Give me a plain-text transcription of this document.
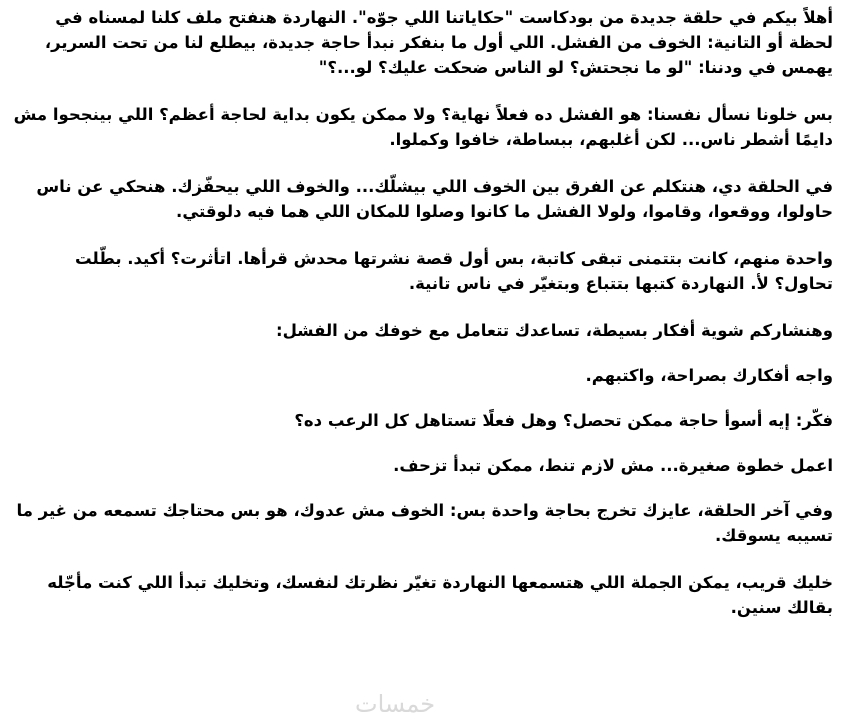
أهلاً بيكم في حلقة جديدة من بودكاست "حكاياتنا اللي جوّه". النهاردة هنفتح ملف كلنا لمسناه في لحظة أو التانية: الخوف من الفشل. اللي أول ما بنفكر نبدأ حاجة جديدة، بيطلع لنا من تحت السرير، يهمس في ودننا: "لو ما نجحتش؟ لو الناس ضحكت عليك؟ لو...؟"

بس خلونا نسأل نفسنا: هو الفشل ده فعلاً نهاية؟ ولا ممكن يكون بداية لحاجة أعظم؟ اللي بينجحوا مش دايمًا أشطر ناس... لكن أغلبهم، ببساطة، خافوا وكملوا.

في الحلقة دي، هنتكلم عن الفرق بين الخوف اللي بيشلّك... والخوف اللي بيحفّزك. هنحكي عن ناس حاولوا، ووقعوا، وقاموا، ولولا الفشل ما كانوا وصلوا للمكان اللي هما فيه دلوقتي.

واحدة منهم، كانت بتتمنى تبقى كاتبة، بس أول قصة نشرتها محدش قرأها. اتأثرت؟ أكيد. بطّلت تحاول؟ لأ. النهاردة كتبها بتتباع وبتغيّر في ناس تانية.

وهنشاركم شوية أفكار بسيطة، تساعدك تتعامل مع خوفك من الفشل:

واجه أفكارك بصراحة، واكتبهم.

فكّر: إيه أسوأ حاجة ممكن تحصل؟ وهل فعلًا تستاهل كل الرعب ده؟

اعمل خطوة صغيرة... مش لازم تنط، ممكن تبدأ تزحف.

وفي آخر الحلقة، عايزك تخرج بحاجة واحدة بس: الخوف مش عدوك، هو بس محتاجك تسمعه من غير ما تسيبه يسوقك.

خليك قريب، يمكن الجملة اللي هتسمعها النهاردة تغيّر نظرتك لنفسك، وتخليك تبدأ اللي كنت مأجّله بقالك سنين.

خمسات
